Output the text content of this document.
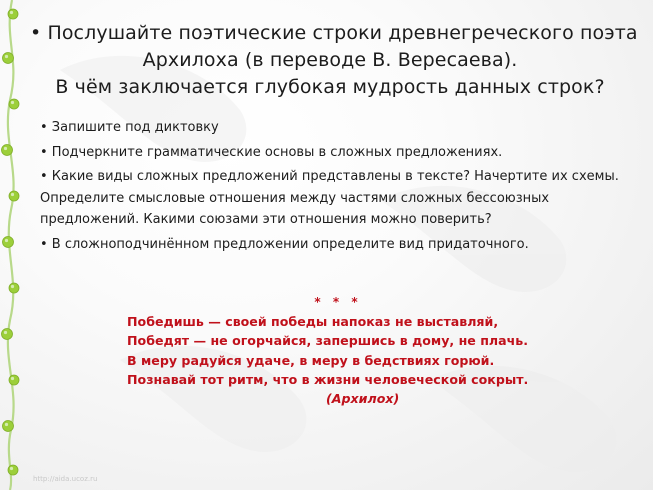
• Послушайте поэтические строки древнегреческого поэта
Архилоха (в переводе В. Вересаева).
В чём заключается глубокая мудрость данных строк?
• Запишите под диктовку
• Подчеркните грамматические основы в сложных предложениях.
• Какие виды сложных предложений представлены в тексте? Начертите их схемы.
Определите смысловые отношения между частями сложных бессоюзных
предложений. Какими союзами эти отношения можно поверить?
• В сложноподчинённом предложении определите вид придаточного.
* * *
Победишь — своей победы напоказ не выставляй,
Победят — не огорчайся, запершись в дому, не плачь.
В меру радуйся удаче, в меру в бедствиях горюй.
Познавай тот ритм, что в жизни человеческой сокрыт.
(Архилох)
http://aida.ucoz.ru
